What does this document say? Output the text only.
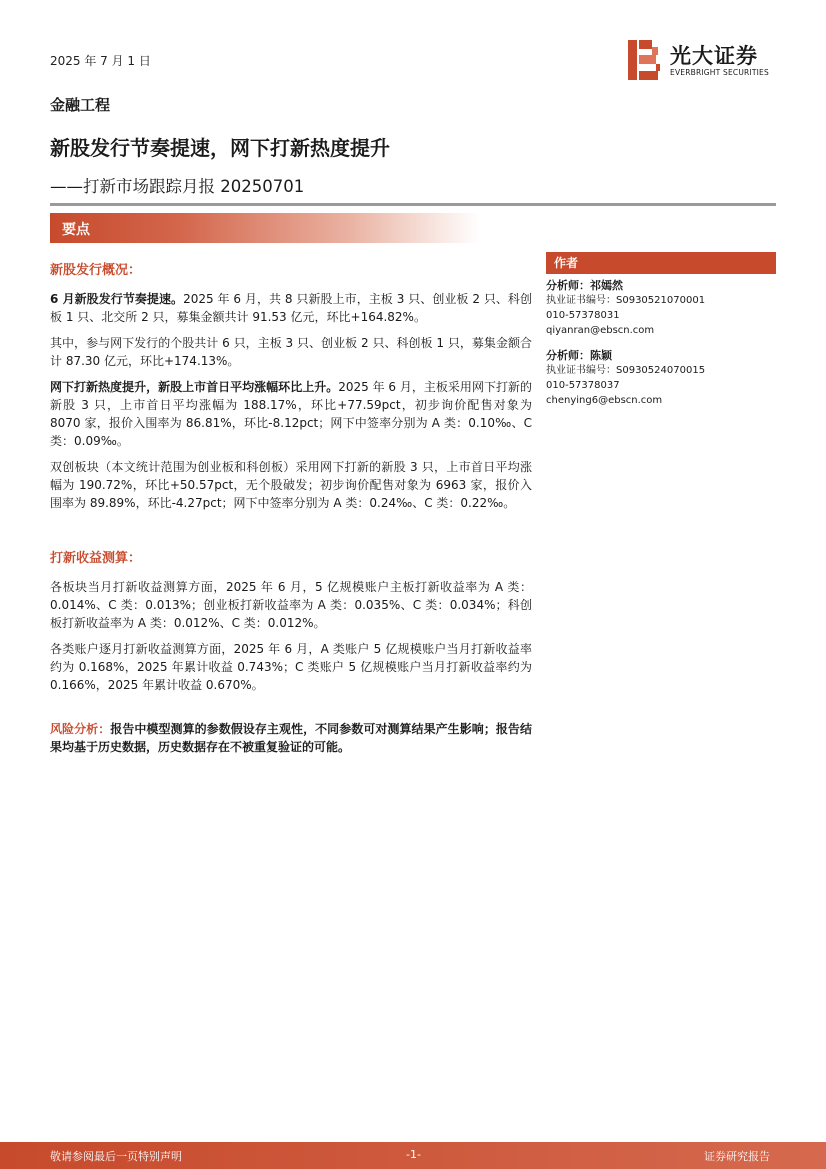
2025 年 7 月 1 日	光大证券
EVERBRIGHT SECURITIES
金融工程
新股发行节奏提速，网下打新热度提升
——打新市场跟踪月报 20250701
要点
新股发行概况：

6 月新股发行节奏提速。2025 年 6 月，共 8 只新股上市，主板 3 只、创业板 2 只、科创板 1 只、北交所 2 只，募集金额共计 91.53 亿元，环比+164.82%。

其中，参与网下发行的个股共计 6 只，主板 3 只、创业板 2 只、科创板 1 只，募集金额合计 87.30 亿元，环比+174.13%。

网下打新热度提升，新股上市首日平均涨幅环比上升。2025 年 6 月，主板采用网下打新的新股 3 只，上市首日平均涨幅为 188.17%，环比+77.59pct，初步询价配售对象为 8070 家，报价入围率为 86.81%，环比-8.12pct；网下中签率分别为 A 类：0.10‰、C 类：0.09‰。

双创板块（本文统计范围为创业板和科创板）采用网下打新的新股 3 只，上市首日平均涨幅为 190.72%，环比+50.57pct，无个股破发；初步询价配售对象为 6963 家，报价入围率为 89.89%，环比-4.27pct；网下中签率分别为 A 类：0.24‰、C 类：0.22‰。

打新收益测算：

各板块当月打新收益测算方面，2025 年 6 月，5 亿规模账户主板打新收益率为 A 类：0.014%、C 类：0.013%；创业板打新收益率为 A 类：0.035%、C 类：0.034%；科创板打新收益率为 A 类：0.012%、C 类：0.012%。

各类账户逐月打新收益测算方面，2025 年 6 月，A 类账户 5 亿规模账户当月打新收益率约为 0.168%，2025 年累计收益 0.743%；C 类账户 5 亿规模账户当月打新收益率约为 0.166%，2025 年累计收益 0.670%。

风险分析：报告中模型测算的参数假设存主观性，不同参数可对测算结果产生影响；报告结果均基于历史数据，历史数据存在不被重复验证的可能。

作者
分析师：祁嫣然
执业证书编号：S0930521070001
010-57378031
qiyanran@ebscn.com
分析师：陈颖
执业证书编号：S0930524070015
010-57378037
chenying6@ebscn.com
敬请参阅最后一页特别声明	-1-	证券研究报告
